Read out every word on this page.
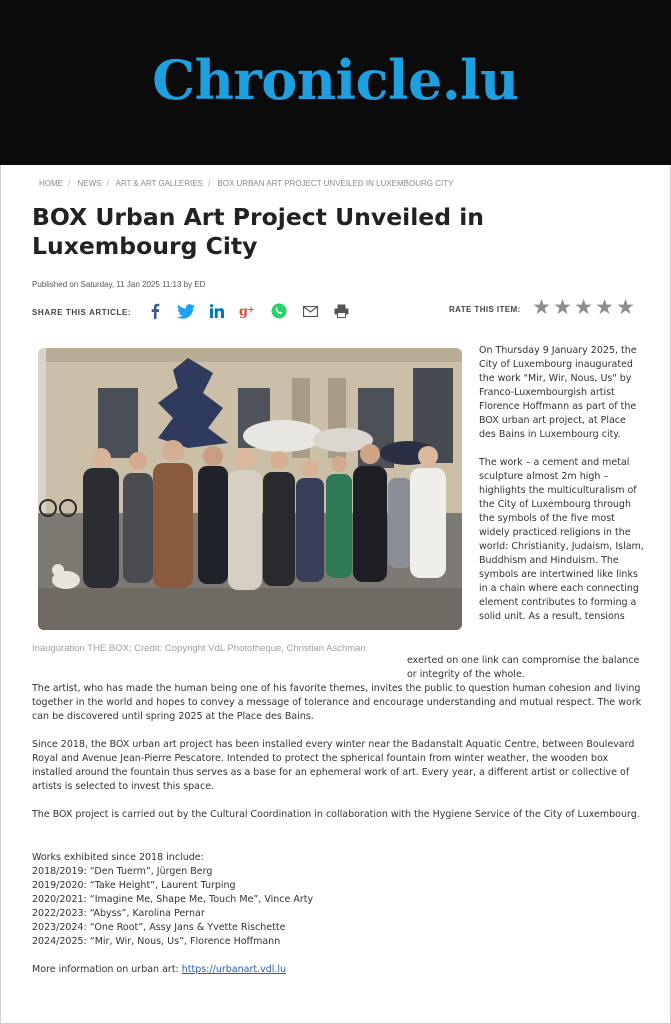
Chronicle.lu
HOME / NEWS / ART & ART GALLERIES / BOX URBAN ART PROJECT UNVEILED IN LUXEMBOURG CITY
BOX Urban Art Project Unveiled in Luxembourg City
Published on Saturday, 11 Jan 2025 11:13 by ED
SHARE THIS ARTICLE:	g +	RATE THIS ITEM: ★ ★ ★ ★ ★
Inauguration THE BOX; Credit: Copyright VdL Phototheque, Christian Aschman

On Thursday 9 January 2025, the City of Luxembourg inaugurated the work "Mir, Wir, Nous, Us" by Franco-Luxembourgish artist Florence Hoffmann as part of the BOX urban art project, at Place des Bains in Luxembourg city.

The work – a cement and metal sculpture almost 2m high – highlights the multiculturalism of the City of Luxembourg through the symbols of the five most widely practiced religions in the world: Christianity, Judaism, Islam, Buddhism and Hinduism. The symbols are intertwined like links in a chain where each connecting element contributes to forming a solid unit. As a result, tensions

exerted on one link can compromise the balance or integrity of the whole.
The artist, who has made the human being one of his favorite themes, invites the public to question human cohesion and living together in the world and hopes to convey a message of tolerance and encourage understanding and mutual respect. The work can be discovered until spring 2025 at the Place des Bains.
Since 2018, the BOX urban art project has been installed every winter near the Badanstalt Aquatic Centre, between Boulevard Royal and Avenue Jean-Pierre Pescatore. Intended to protect the spherical fountain from winter weather, the wooden box installed around the fountain thus serves as a base for an ephemeral work of art. Every year, a different artist or collective of artists is selected to invest this space.
The BOX project is carried out by the Cultural Coordination in collaboration with the Hygiene Service of the City of Luxembourg.
Works exhibited since 2018 include:
2018/2019: “Den Tuerm”, Jürgen Berg
2019/2020: “Take Height”, Laurent Turping
2020/2021: “Imagine Me, Shape Me, Touch Me”, Vince Arty
2022/2023: “Abyss”, Karolina Pernar
2023/2024: “One Root”, Assy Jans & Yvette Rischette
2024/2025: “Mir, Wir, Nous, Us”, Florence Hoffmann
More information on urban art: https://urbanart.vdl.lu
